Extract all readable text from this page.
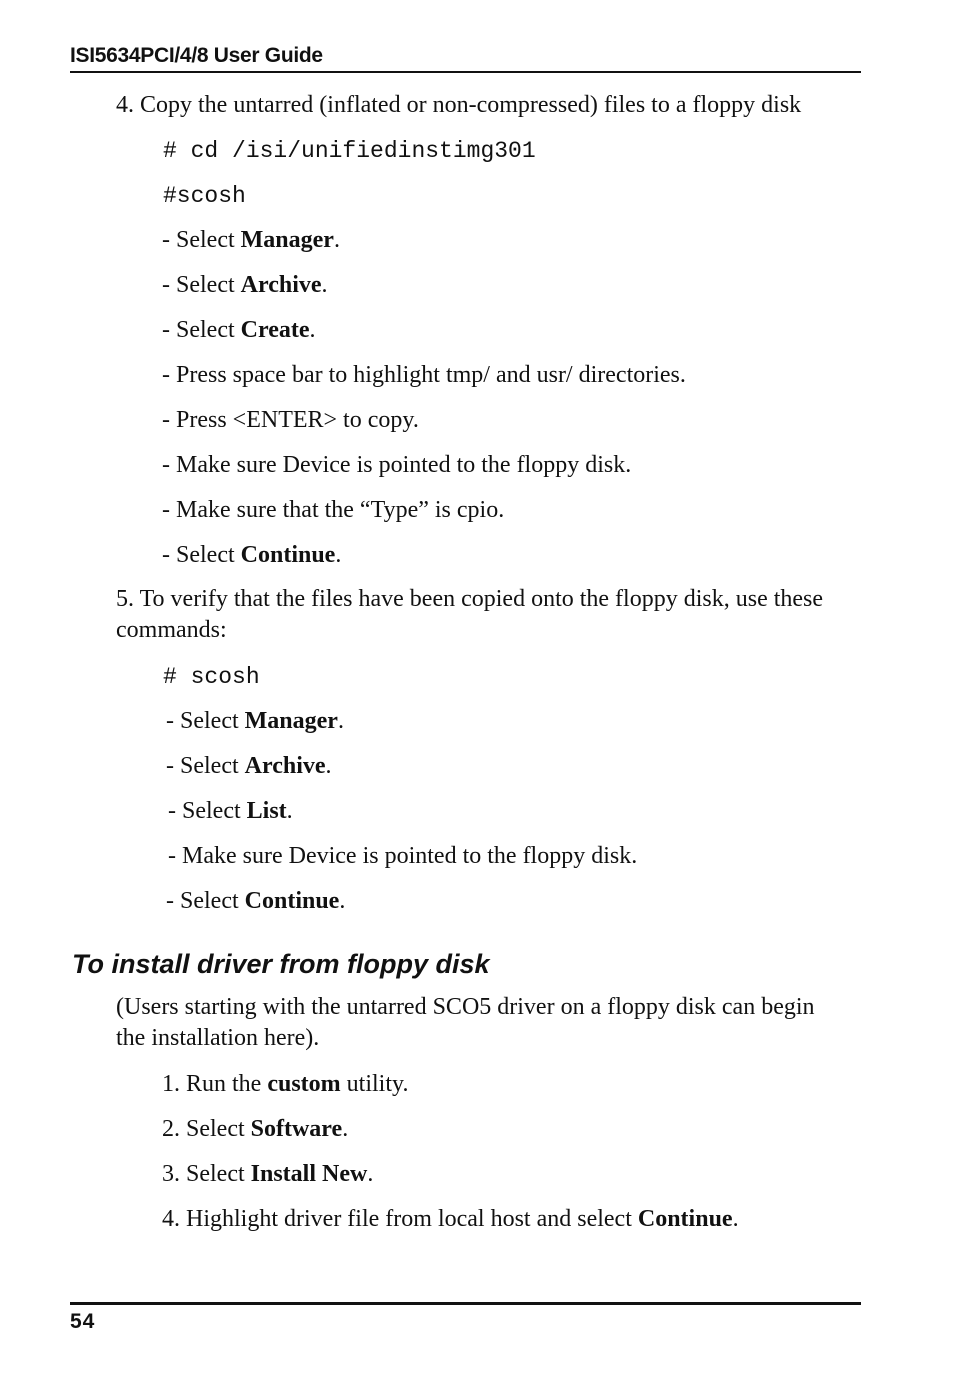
ISI5634PCI/4/8 User Guide
4. Copy the untarred (inflated or non-compressed) files to a floppy disk
# cd /isi/unifiedinstimg301
#scosh
- Select Manager.
- Select Archive.
- Select Create.
- Press space bar to highlight tmp/ and usr/ directories.
- Press <ENTER> to copy.
- Make sure Device is pointed to the floppy disk.
- Make sure that the “Type” is cpio.
- Select Continue.
5. To verify that the files have been copied onto the floppy disk, use these commands:
# scosh
- Select Manager.
- Select Archive.
- Select List.
- Make sure Device is pointed to the floppy disk.
- Select Continue.
To install driver from floppy disk
(Users starting with the untarred SCO5 driver on a floppy disk can begin the installation here).
1. Run the custom utility.
2. Select Software.
3. Select Install New.
4. Highlight driver file from local host and select Continue.
54
